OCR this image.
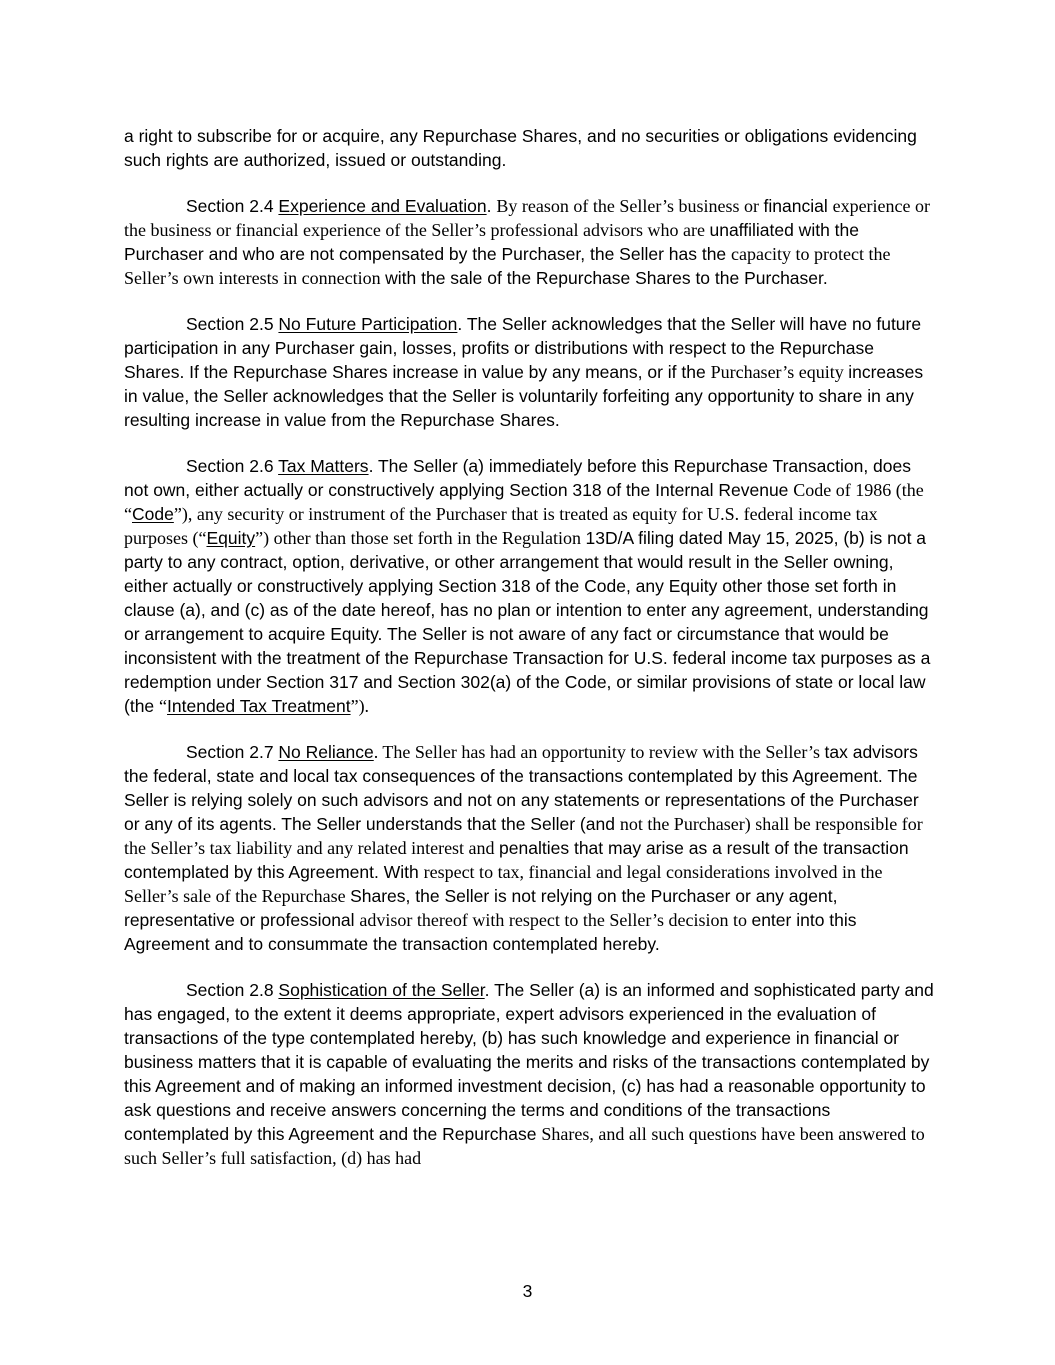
a right to subscribe for or acquire, any Repurchase Shares, and no securities or obligations evidencing such rights are authorized, issued or outstanding.

Section 2.4 Experience and Evaluation. By reason of the Seller’s business or financial experience or the business or financial experience of the Seller’s professional advisors who are unaffiliated with the Purchaser and who are not compensated by the Purchaser, the Seller has the capacity to protect the Seller’s own interests in connection with the sale of the Repurchase Shares to the Purchaser.

Section 2.5 No Future Participation. The Seller acknowledges that the Seller will have no future participation in any Purchaser gain, losses, profits or distributions with respect to the Repurchase Shares. If the Repurchase Shares increase in value by any means, or if the Purchaser’s equity increases in value, the Seller acknowledges that the Seller is voluntarily forfeiting any opportunity to share in any resulting increase in value from the Repurchase Shares.

Section 2.6 Tax Matters. The Seller (a) immediately before this Repurchase Transaction, does not own, either actually or constructively applying Section 318 of the Internal Revenue Code of 1986 (the “Code”), any security or instrument of the Purchaser that is treated as equity for U.S. federal income tax purposes (“Equity”) other than those set forth in the Regulation 13D/A filing dated May 15, 2025, (b) is not a party to any contract, option, derivative, or other arrangement that would result in the Seller owning, either actually or constructively applying Section 318 of the Code, any Equity other those set forth in clause (a), and (c) as of the date hereof, has no plan or intention to enter any agreement, understanding or arrangement to acquire Equity. The Seller is not aware of any fact or circumstance that would be inconsistent with the treatment of the Repurchase Transaction for U.S. federal income tax purposes as a redemption under Section 317 and Section 302(a) of the Code, or similar provisions of state or local law (the “Intended Tax Treatment”).

Section 2.7 No Reliance. The Seller has had an opportunity to review with the Seller’s tax advisors the federal, state and local tax consequences of the transactions contemplated by this Agreement. The Seller is relying solely on such advisors and not on any statements or representations of the Purchaser or any of its agents. The Seller understands that the Seller (and not the Purchaser) shall be responsible for the Seller’s tax liability and any related interest and penalties that may arise as a result of the transaction contemplated by this Agreement. With respect to tax, financial and legal considerations involved in the Seller’s sale of the Repurchase Shares, the Seller is not relying on the Purchaser or any agent, representative or professional advisor thereof with respect to the Seller’s decision to enter into this Agreement and to consummate the transaction contemplated hereby.

Section 2.8 Sophistication of the Seller. The Seller (a) is an informed and sophisticated party and has engaged, to the extent it deems appropriate, expert advisors experienced in the evaluation of transactions of the type contemplated hereby, (b) has such knowledge and experience in financial or business matters that it is capable of evaluating the merits and risks of the transactions contemplated by this Agreement and of making an informed investment decision, (c) has had a reasonable opportunity to ask questions and receive answers concerning the terms and conditions of the transactions contemplated by this Agreement and the Repurchase Shares, and all such questions have been answered to such Seller’s full satisfaction, (d) has had

3
